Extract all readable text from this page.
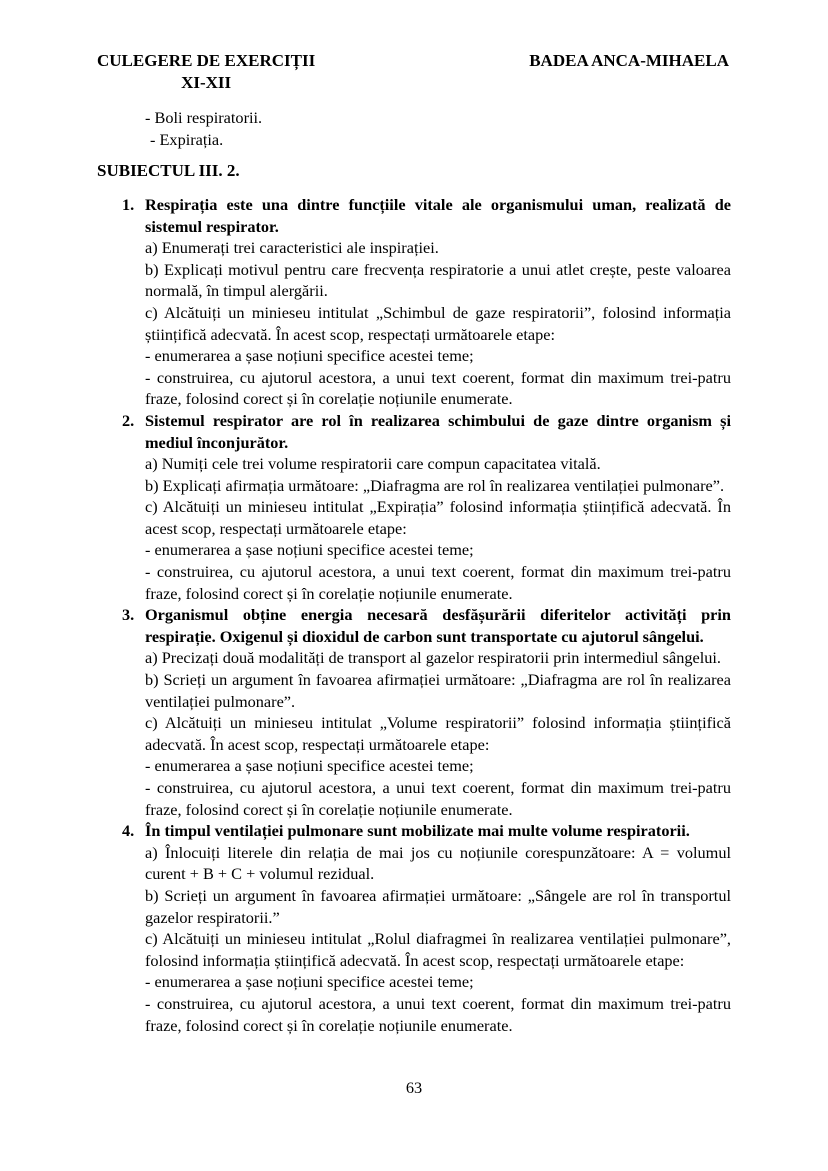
CULEGERE DE EXERCIȚII
XI-XII
BADEA ANCA-MIHAELA
- Boli respiratorii.
- Expirația.
SUBIECTUL III. 2.
1. Respirația este una dintre funcțiile vitale ale organismului uman, realizată de sistemul respirator.

a) Enumerați trei caracteristici ale inspirației.

b) Explicați motivul pentru care frecvența respiratorie a unui atlet crește, peste valoarea normală, în timpul alergării.

c) Alcătuiți un minieseu intitulat „Schimbul de gaze respiratorii”, folosind informația științifică adecvată. În acest scop, respectați următoarele etape:

- enumerarea a șase noțiuni specifice acestei teme;

- construirea, cu ajutorul acestora, a unui text coerent, format din maximum trei-patru fraze, folosind corect și în corelație noțiunile enumerate.

2. Sistemul respirator are rol în realizarea schimbului de gaze dintre organism și mediul înconjurător.

a) Numiți cele trei volume respiratorii care compun capacitatea vitală.

b) Explicați afirmația următoare: „Diafragma are rol în realizarea ventilației pulmonare”.

c) Alcătuiți un minieseu intitulat „Expirația” folosind informația științifică adecvată. În acest scop, respectați următoarele etape:

- enumerarea a șase noțiuni specifice acestei teme;

- construirea, cu ajutorul acestora, a unui text coerent, format din maximum trei-patru fraze, folosind corect și în corelație noțiunile enumerate.

3. Organismul obține energia necesară desfășurării diferitelor activități prin respirație. Oxigenul și dioxidul de carbon sunt transportate cu ajutorul sângelui.

a) Precizați două modalități de transport al gazelor respiratorii prin intermediul sângelui.

b) Scrieți un argument în favoarea afirmației următoare: „Diafragma are rol în realizarea ventilației pulmonare”.

c) Alcătuiți un minieseu intitulat „Volume respiratorii” folosind informația științifică adecvată. În acest scop, respectați următoarele etape:

- enumerarea a șase noțiuni specifice acestei teme;

- construirea, cu ajutorul acestora, a unui text coerent, format din maximum trei-patru fraze, folosind corect și în corelație noțiunile enumerate.

4. În timpul ventilației pulmonare sunt mobilizate mai multe volume respiratorii.

a) Înlocuiți literele din relația de mai jos cu noțiunile corespunzătoare: A = volumul curent + B + C + volumul rezidual.

b) Scrieți un argument în favoarea afirmației următoare: „Sângele are rol în transportul gazelor respiratorii.”

c) Alcătuiți un minieseu intitulat „Rolul diafragmei în realizarea ventilației pulmonare”, folosind informația științifică adecvată. În acest scop, respectați următoarele etape:

- enumerarea a șase noțiuni specifice acestei teme;

- construirea, cu ajutorul acestora, a unui text coerent, format din maximum trei-patru fraze, folosind corect și în corelație noțiunile enumerate.

63
